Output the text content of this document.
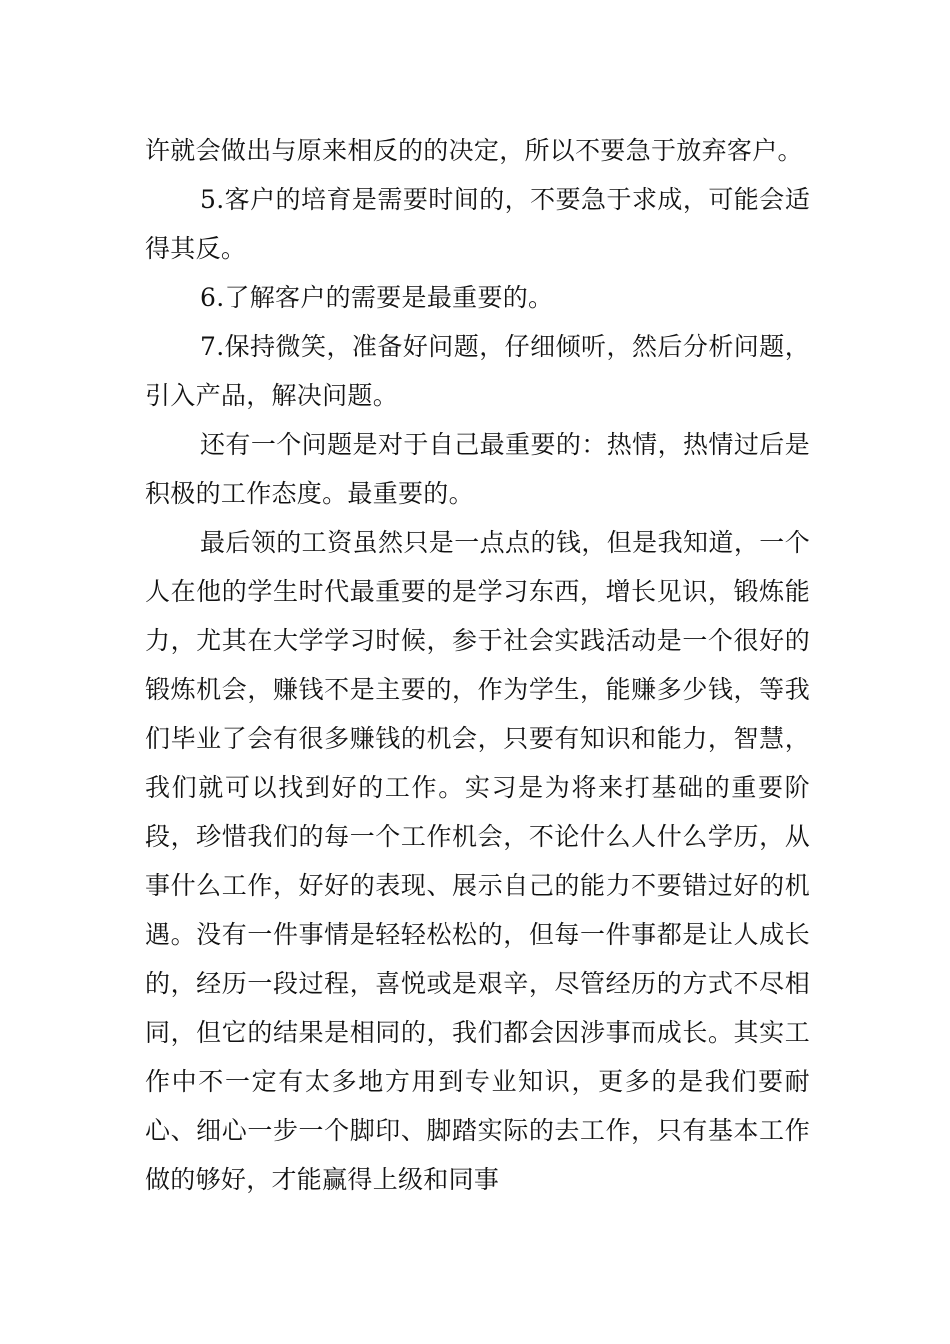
许就会做出与原来相反的的决定，所以不要急于放弃客户。

5.客户的培育是需要时间的，不要急于求成，可能会适得其反。

6.了解客户的需要是最重要的。

7.保持微笑，准备好问题，仔细倾听，然后分析问题，引入产品，解决问题。

还有一个问题是对于自己最重要的：热情，热情过后是积极的工作态度。最重要的。

最后领的工资虽然只是一点点的钱，但是我知道，一个人在他的学生时代最重要的是学习东西，增长见识，锻炼能力，尤其在大学学习时候，参于社会实践活动是一个很好的锻炼机会，赚钱不是主要的，作为学生，能赚多少钱，等我们毕业了会有很多赚钱的机会，只要有知识和能力，智慧，我们就可以找到好的工作。实习是为将来打基础的重要阶段，珍惜我们的每一个工作机会，不论什么人什么学历，从事什么工作，好好的表现、展示自己的能力不要错过好的机遇。没有一件事情是轻轻松松的，但每一件事都是让人成长的，经历一段过程，喜悦或是艰辛，尽管经历的方式不尽相同，但它的结果是相同的，我们都会因涉事而成长。其实工作中不一定有太多地方用到专业知识，更多的是我们要耐心、细心一步一个脚印、脚踏实际的去工作，只有基本工作做的够好，才能赢得上级和同事
